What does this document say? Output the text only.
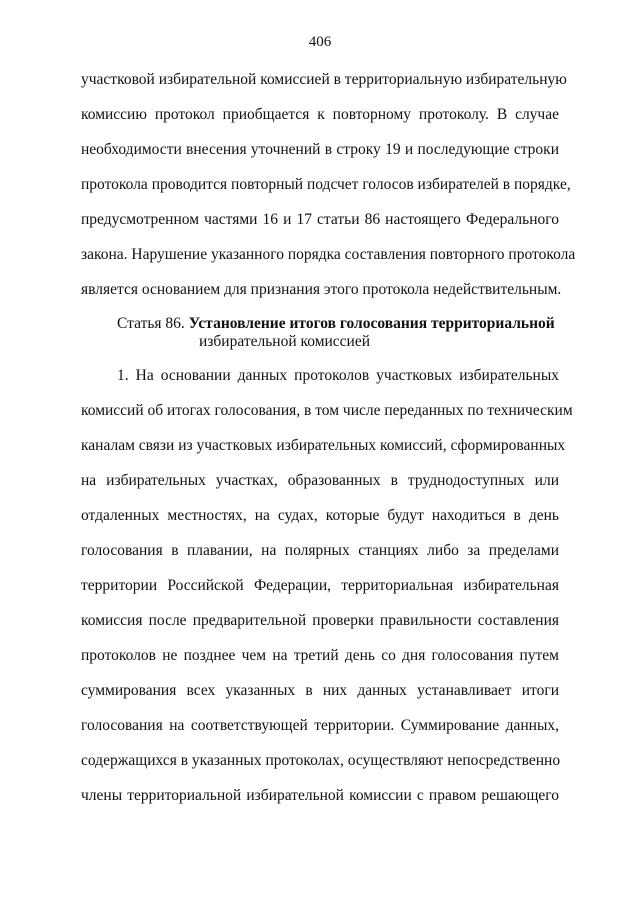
406
участковой избирательной комиссией в территориальную избирательную
комиссию протокол приобщается к повторному протоколу. В случае
необходимости внесения уточнений в строку 19 и последующие строки
протокола проводится повторный подсчет голосов избирателей в порядке,
предусмотренном частями 16 и 17 статьи 86 настоящего Федерального
закона. Нарушение указанного порядка составления повторного протокола
является основанием для признания этого протокола недействительным.
Статья 86. Установление итогов голосования территориальной
избирательной комиссией
1. На основании данных протоколов участковых избирательных
комиссий об итогах голосования, в том числе переданных по техническим
каналам связи из участковых избирательных комиссий, сформированных
на избирательных участках, образованных в труднодоступных или
отдаленных местностях, на судах, которые будут находиться в день
голосования в плавании, на полярных станциях либо за пределами
территории Российской Федерации, территориальная избирательная
комиссия после предварительной проверки правильности составления
протоколов не позднее чем на третий день со дня голосования путем
суммирования всех указанных в них данных устанавливает итоги
голосования на соответствующей территории. Суммирование данных,
содержащихся в указанных протоколах, осуществляют непосредственно
члены территориальной избирательной комиссии с правом решающего
